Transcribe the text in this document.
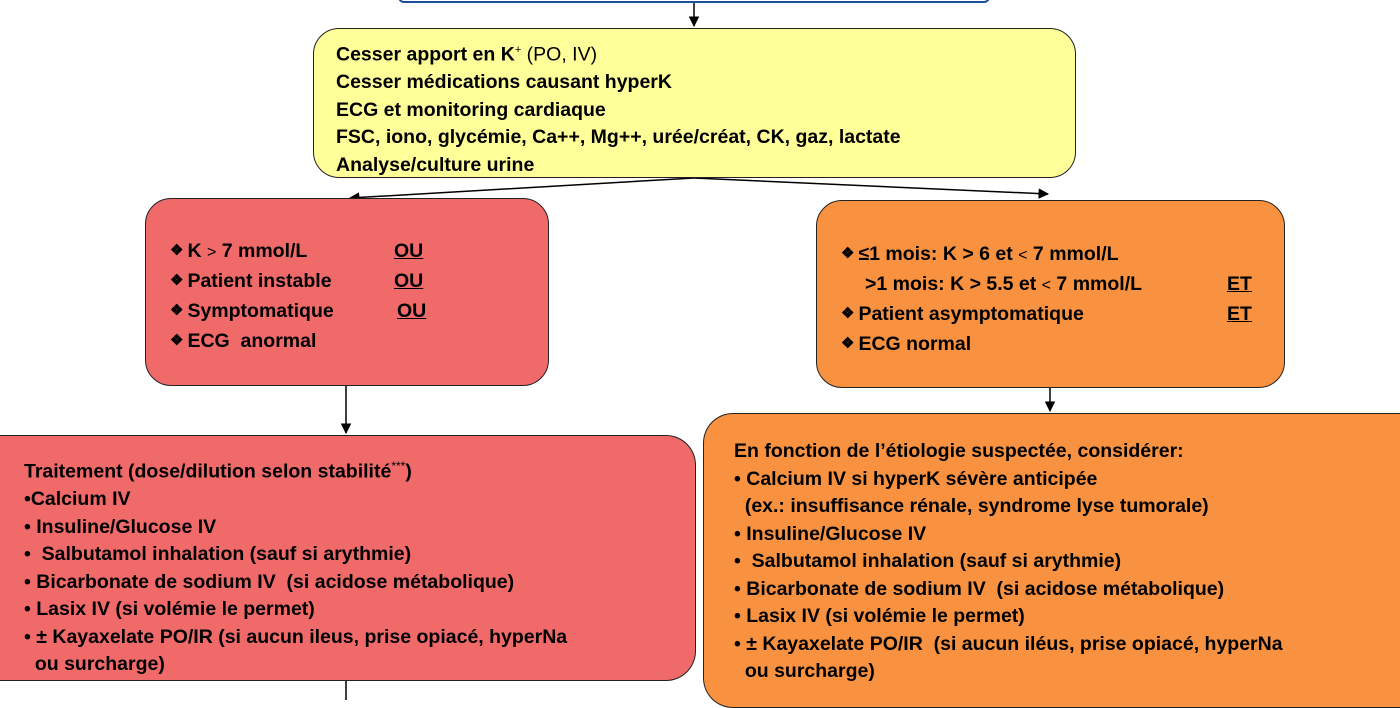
Cesser apport en K+ (PO, IV)
Cesser médications causant hyperK
ECG et monitoring cardiaque
FSC, iono, glycémie, Ca++, Mg++, urée/créat, CK, gaz, lactate
Analyse/culture urine
❖ K > 7 mmol/L	OU
❖ Patient instable	OU
❖ Symptomatique	OU
❖ ECG  anormal
❖ ≤1 mois: K > 6 et < 7 mmol/L
>1 mois: K > 5.5 et < 7 mmol/L	ET
❖ Patient asymptomatique	ET
❖ ECG normal
Traitement (dose/dilution selon stabilité***)
•Calcium IV
• Insuline/Glucose IV
•  Salbutamol inhalation (sauf si arythmie)
• Bicarbonate de sodium IV  (si acidose métabolique)
• Lasix IV (si volémie le permet)
• ± Kayaxelate PO/IR (si aucun ileus, prise opiacé, hyperNa
ou surcharge)
En fonction de l’étiologie suspectée, considérer:
• Calcium IV si hyperK sévère anticipée
(ex.: insuffisance rénale, syndrome lyse tumorale)
• Insuline/Glucose IV
•  Salbutamol inhalation (sauf si arythmie)
• Bicarbonate de sodium IV  (si acidose métabolique)
• Lasix IV (si volémie le permet)
• ± Kayaxelate PO/IR  (si aucun iléus, prise opiacé, hyperNa
ou surcharge)
